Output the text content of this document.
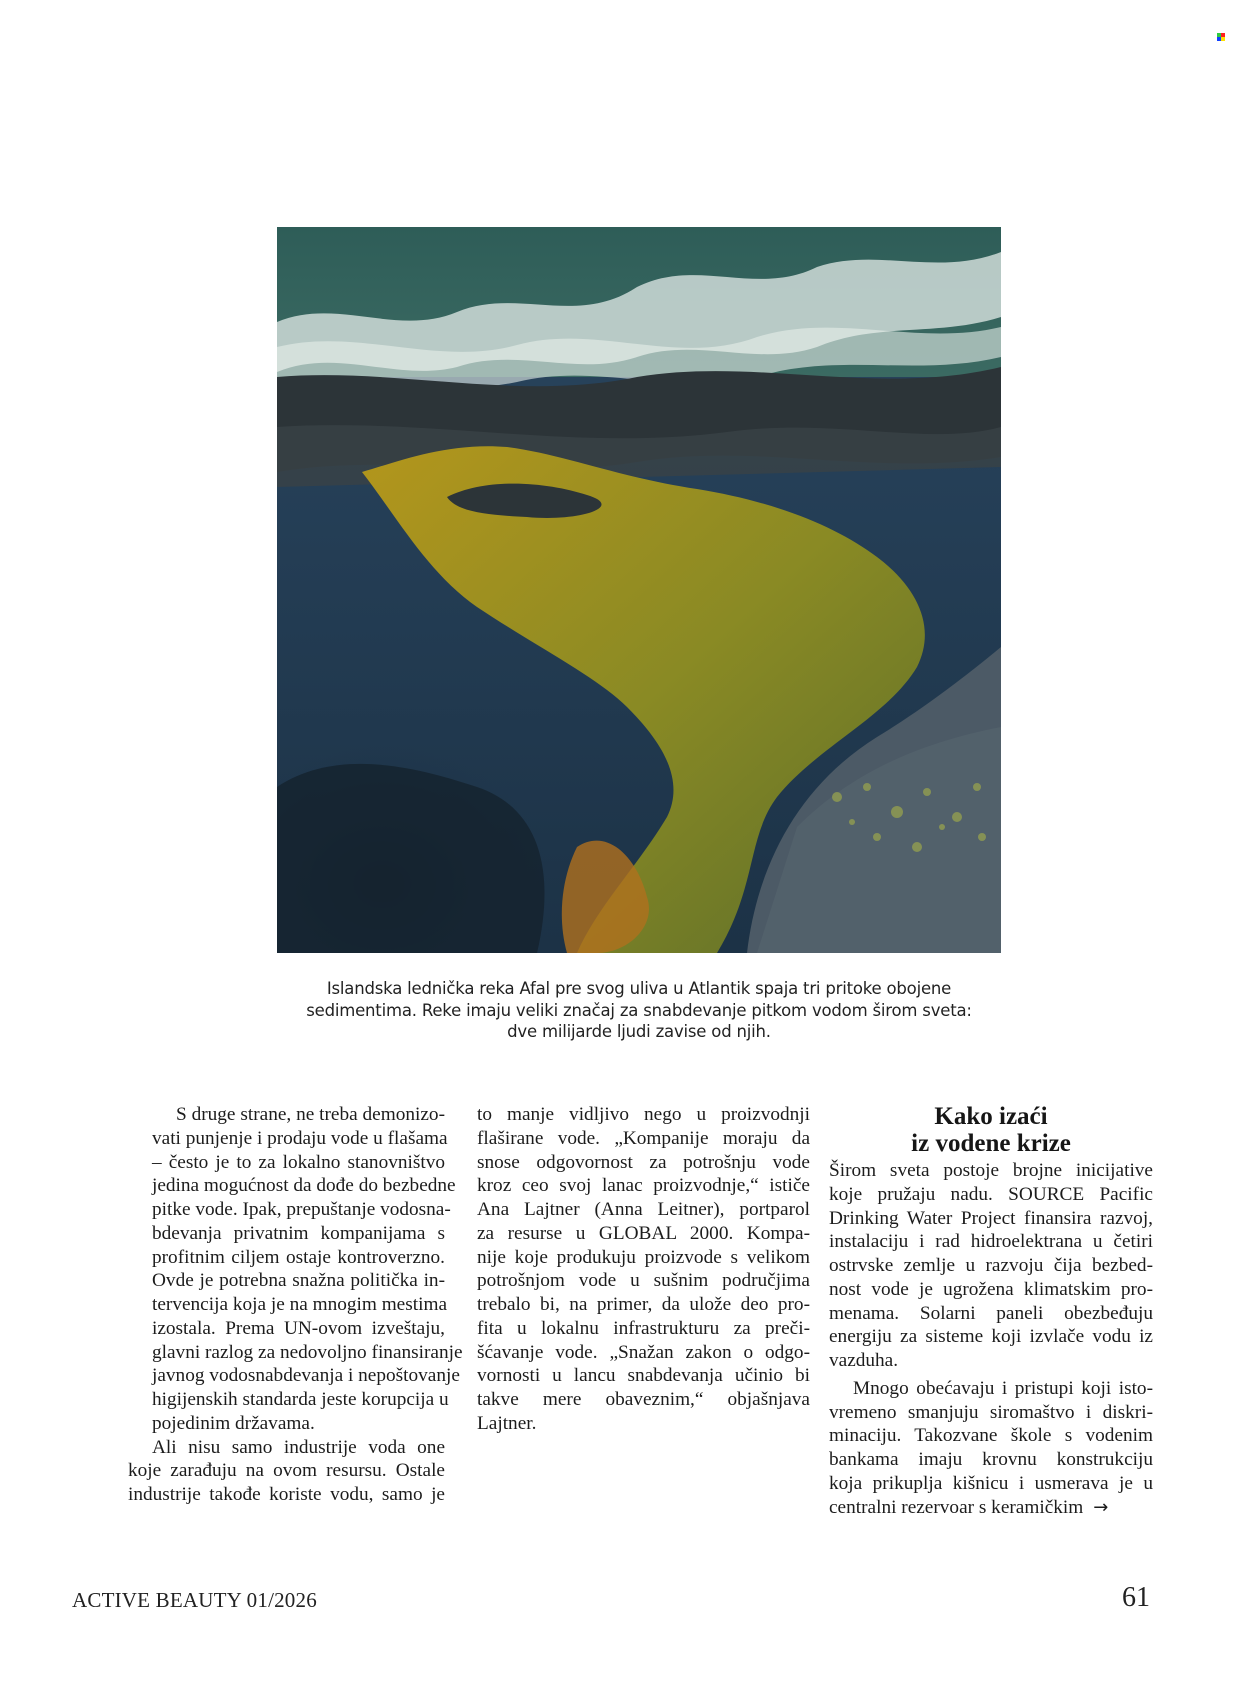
Islandska lednička reka Afal pre svog uliva u Atlantik spaja tri pritoke obojene
sedimentima. Reke imaju veliki značaj za snabdevanje pitkom vodom širom sveta:
dve milijarde ljudi zavise od njih.

S druge strane, ne treba demonizo-
vati punjenje i prodaju vode u flašama
– često je to za lokalno stanovništvo
jedina mogućnost da dođe do bezbedne
pitke vode. Ipak, prepuštanje vodosna-
bdevanja privatnim kompanijama s
profitnim ciljem ostaje kontroverzno.
Ovde je potrebna snažna politička in-
tervencija koja je na mnogim mestima
izostala. Prema UN-ovom izveštaju,
glavni razlog za nedovoljno finansiranje
javnog vodosnabdevanja i nepoštovanje
higijenskih standarda jeste korupcija u
pojedinim državama.

Ali nisu samo industrije voda one
koje zarađuju na ovom resursu. Ostale
industrije takođe koriste vodu, samo je

to manje vidljivo nego u proizvodnji
flaširane vode. „Kompanije moraju da
snose odgovornost za potrošnju vode
kroz ceo svoj lanac proizvodnje,“ ističe
Ana Lajtner (Anna Leitner), portparol
za resurse u GLOBAL 2000. Kompa-
nije koje produkuju proizvode s velikom
potrošnjom vode u sušnim područjima
trebalo bi, na primer, da ulože deo pro-
fita u lokalnu infrastrukturu za preči-
šćavanje vode. „Snažan zakon o odgo-
vornosti u lancu snabdevanja učinio bi
takve mere obaveznim,“ objašnjava
Lajtner.

Kako izaći
iz vodene krize

Širom sveta postoje brojne inicijative
koje pružaju nadu. SOURCE Pacific
Drinking Water Project finansira razvoj,
instalaciju i rad hidroelektrana u četiri
ostrvske zemlje u razvoju čija bezbed-
nost vode je ugrožena klimatskim pro-
menama. Solarni paneli obezbeđuju
energiju za sisteme koji izvlače vodu iz
vazduha.

Mnogo obećavaju i pristupi koji isto-
vremeno smanjuju siromaštvo i diskri-
minaciju. Takozvane škole s vodenim
bankama imaju krovnu konstrukciju
koja prikuplja kišnicu i usmerava je u
centralni rezervoar s keramičkim →

ACTIVE BEAUTY 01/2026	61
